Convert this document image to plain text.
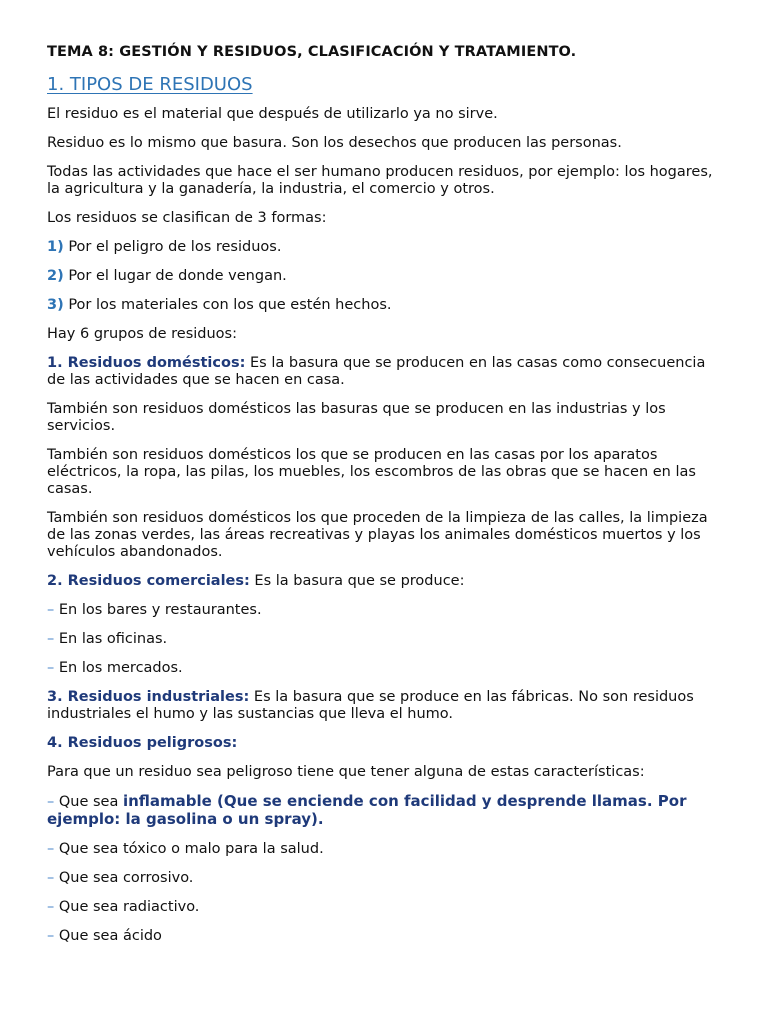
TEMA 8: GESTIÓN Y RESIDUOS, CLASIFICACIÓN Y TRATAMIENTO.
1. TIPOS DE RESIDUOS

El residuo es el material que después de utilizarlo ya no sirve.

Residuo es lo mismo que basura. Son los desechos que producen las personas.

Todas las actividades que hace el ser humano producen residuos, por ejemplo: los hogares, la agricultura y la ganadería, la industria, el comercio y otros.

Los residuos se clasifican de 3 formas:

1) Por el peligro de los residuos.

2) Por el lugar de donde vengan.

3) Por los materiales con los que estén hechos.

Hay 6 grupos de residuos:

1. Residuos domésticos: Es la basura que se producen en las casas como consecuencia de las actividades que se hacen en casa.

También son residuos domésticos las basuras que se producen en las industrias y los servicios.

También son residuos domésticos los que se producen en las casas por los aparatos eléctricos, la ropa, las pilas, los muebles, los escombros de las obras que se hacen en las casas.

También son residuos domésticos los que proceden de la limpieza de las calles, la limpieza de las zonas verdes, las áreas recreativas y playas los animales domésticos muertos y los vehículos abandonados.

2. Residuos comerciales: Es la basura que se produce:

– En los bares y restaurantes.

– En las oficinas.

– En los mercados.

3. Residuos industriales: Es la basura que se produce en las fábricas. No son residuos industriales el humo y las sustancias que lleva el humo.

4. Residuos peligrosos:

Para que un residuo sea peligroso tiene que tener alguna de estas características:

– Que sea inflamable (Que se enciende con facilidad y desprende llamas. Por ejemplo: la gasolina o un spray).

– Que sea tóxico o malo para la salud.

– Que sea corrosivo.

– Que sea radiactivo.

– Que sea ácido
